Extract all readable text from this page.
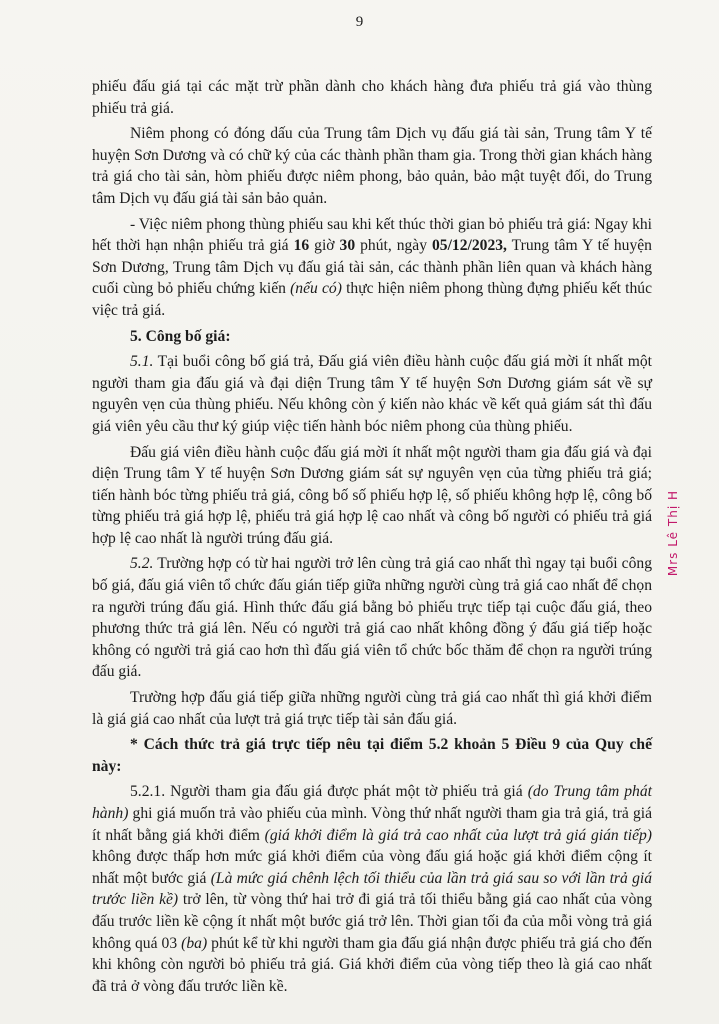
9

phiếu đấu giá tại các mặt trừ phần dành cho khách hàng đưa phiếu trả giá vào thùng phiếu trả giá.

Niêm phong có đóng dấu của Trung tâm Dịch vụ đấu giá tài sản, Trung tâm Y tế huyện Sơn Dương và có chữ ký của các thành phần tham gia. Trong thời gian khách hàng trả giá cho tài sản, hòm phiếu được niêm phong, bảo quản, bảo mật tuyệt đối, do Trung tâm Dịch vụ đấu giá tài sản bảo quản.

- Việc niêm phong thùng phiếu sau khi kết thúc thời gian bỏ phiếu trả giá: Ngay khi hết thời hạn nhận phiếu trả giá 16 giờ 30 phút, ngày 05/12/2023, Trung tâm Y tế huyện Sơn Dương, Trung tâm Dịch vụ đấu giá tài sản, các thành phần liên quan và khách hàng cuối cùng bỏ phiếu chứng kiến (nếu có) thực hiện niêm phong thùng đựng phiếu kết thúc việc trả giá.

5. Công bố giá:

5.1. Tại buổi công bố giá trả, Đấu giá viên điều hành cuộc đấu giá mời ít nhất một người tham gia đấu giá và đại diện Trung tâm Y tế huyện Sơn Dương giám sát về sự nguyên vẹn của thùng phiếu. Nếu không còn ý kiến nào khác về kết quả giám sát thì đấu giá viên yêu cầu thư ký giúp việc tiến hành bóc niêm phong của thùng phiếu.

Đấu giá viên điều hành cuộc đấu giá mời ít nhất một người tham gia đấu giá và đại diện Trung tâm Y tế huyện Sơn Dương giám sát sự nguyên vẹn của từng phiếu trả giá; tiến hành bóc từng phiếu trả giá, công bố số phiếu hợp lệ, số phiếu không hợp lệ, công bố từng phiếu trả giá hợp lệ, phiếu trả giá hợp lệ cao nhất và công bố người có phiếu trả giá hợp lệ cao nhất là người trúng đấu giá.

5.2. Trường hợp có từ hai người trở lên cùng trả giá cao nhất thì ngay tại buổi công bố giá, đấu giá viên tổ chức đấu gián tiếp giữa những người cùng trả giá cao nhất để chọn ra người trúng đấu giá. Hình thức đấu giá bằng bỏ phiếu trực tiếp tại cuộc đấu giá, theo phương thức trả giá lên. Nếu có người trả giá cao nhất không đồng ý đấu giá tiếp hoặc không có người trả giá cao hơn thì đấu giá viên tổ chức bốc thăm để chọn ra người trúng đấu giá.

Trường hợp đấu giá tiếp giữa những người cùng trả giá cao nhất thì giá khởi điểm là giá giá cao nhất của lượt trả giá trực tiếp tài sản đấu giá.

* Cách thức trả giá trực tiếp nêu tại điểm 5.2 khoản 5 Điều 9 của Quy chế này:

5.2.1. Người tham gia đấu giá được phát một tờ phiếu trả giá (do Trung tâm phát hành) ghi giá muốn trả vào phiếu của mình. Vòng thứ nhất người tham gia trả giá, trả giá ít nhất bằng giá khởi điểm (giá khởi điểm là giá trả cao nhất của lượt trả giá gián tiếp) không được thấp hơn mức giá khởi điểm của vòng đấu giá hoặc giá khởi điểm cộng ít nhất một bước giá (Là mức giá chênh lệch tối thiểu của lần trả giá sau so với lần trả giá trước liền kề) trở lên, từ vòng thứ hai trở đi giá trả tối thiểu bằng giá cao nhất của vòng đấu trước liền kề cộng ít nhất một bước giá trở lên. Thời gian tối đa của mỗi vòng trả giá không quá 03 (ba) phút kể từ khi người tham gia đấu giá nhận được phiếu trả giá cho đến khi không còn người bỏ phiếu trả giá. Giá khởi điểm của vòng tiếp theo là giá cao nhất đã trả ở vòng đấu trước liền kề.

Mrs Lê Thị H
